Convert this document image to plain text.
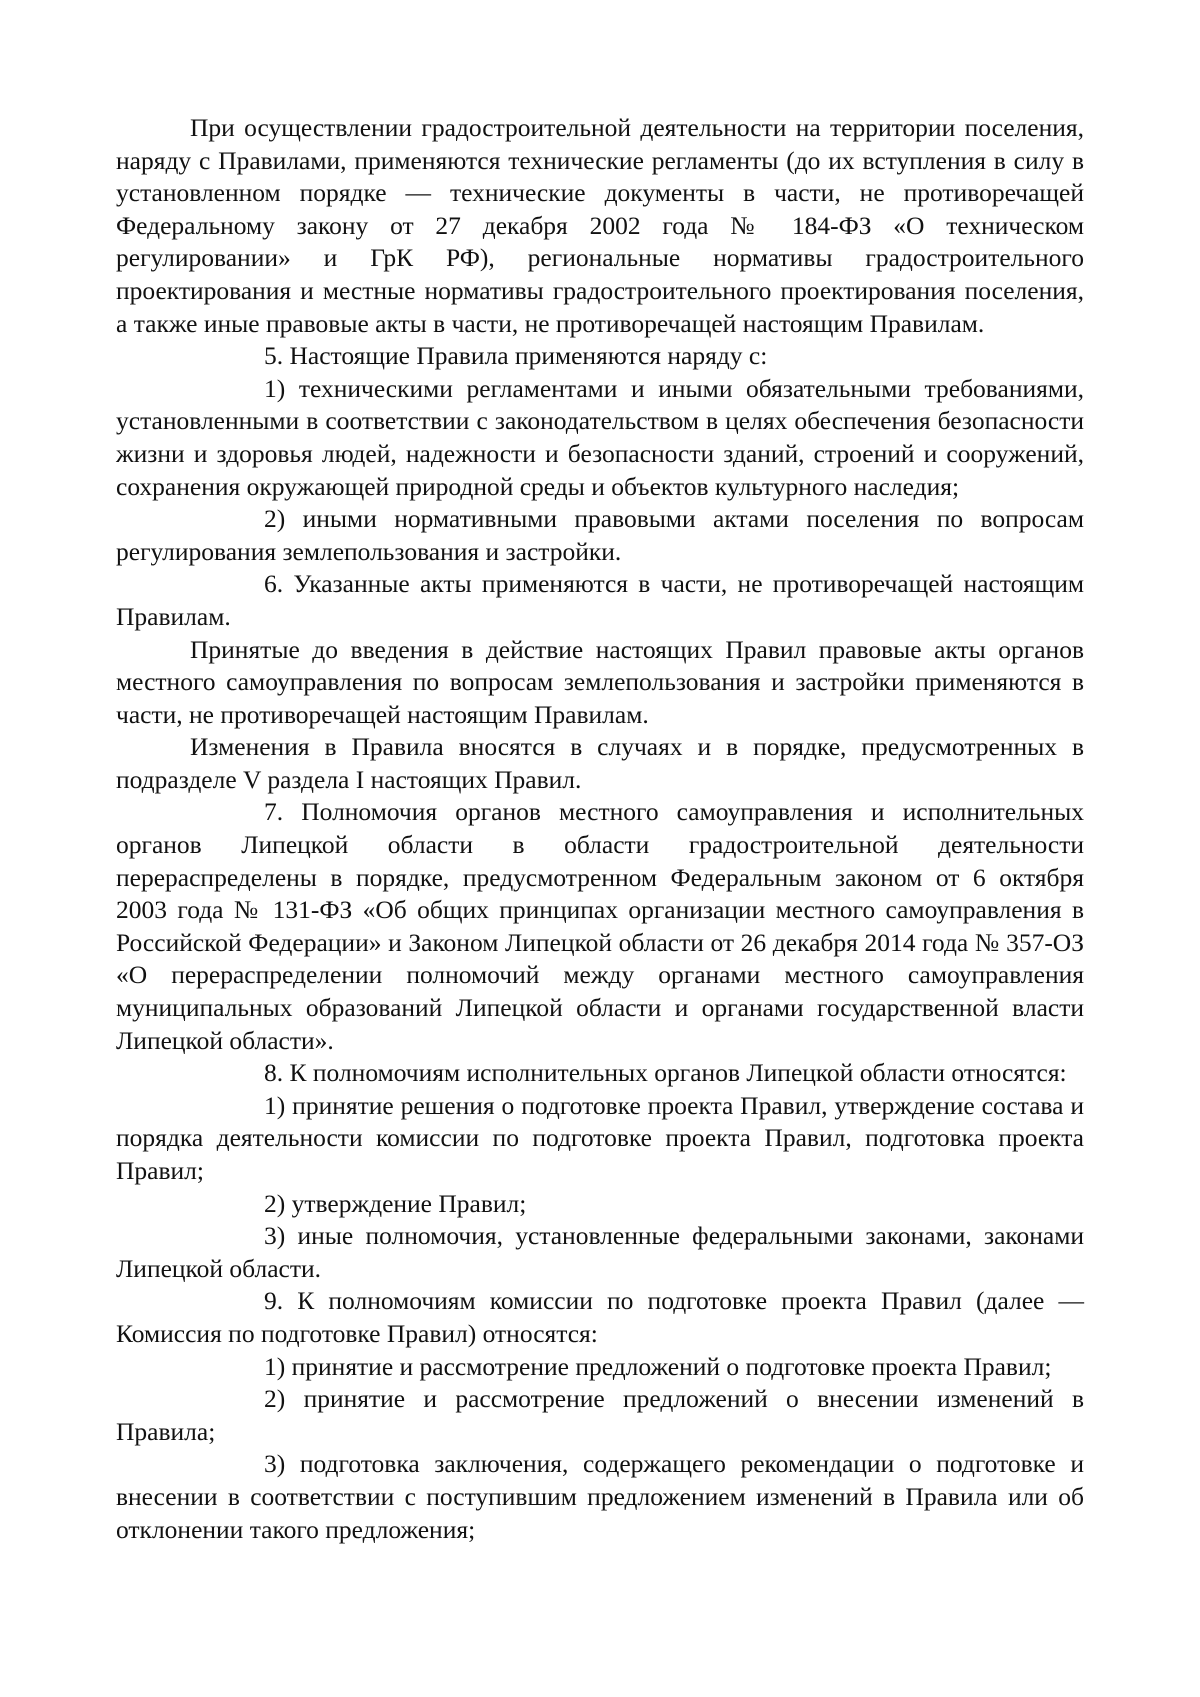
При осуществлении градостроительной деятельности на территории поселения, наряду с Правилами, применяются технические регламенты (до их вступления в силу в установленном порядке — технические документы в части, не противоречащей Федеральному закону от 27 декабря 2002 года № 184-ФЗ «О техническом регулировании» и ГрК РФ), региональные нормативы градостроительного проектирования и местные нормативы градостроительного проектирования поселения, а также иные правовые акты в части, не противоречащей настоящим Правилам.

5. Настоящие Правила применяются наряду с:

1) техническими регламентами и иными обязательными требованиями, установленными в соответствии с законодательством в целях обеспечения безопасности жизни и здоровья людей, надежности и безопасности зданий, строений и сооружений, сохранения окружающей природной среды и объектов культурного наследия;

2) иными нормативными правовыми актами поселения по вопросам регулирования землепользования и застройки.

6. Указанные акты применяются в части, не противоречащей настоящим Правилам.

Принятые до введения в действие настоящих Правил правовые акты органов местного самоуправления по вопросам землепользования и застройки применяются в части, не противоречащей настоящим Правилам.

Изменения в Правила вносятся в случаях и в порядке, предусмотренных в подразделе V раздела I настоящих Правил.

7. Полномочия органов местного самоуправления и исполнительных органов Липецкой области в области градостроительной деятельности перераспределены в порядке, предусмотренном Федеральным законом от 6 октября 2003 года № 131-ФЗ «Об общих принципах организации местного самоуправления в Российской Федерации» и Законом Липецкой области от 26 декабря 2014 года № 357-ОЗ «О перераспределении полномочий между органами местного самоуправления муниципальных образований Липецкой области и органами государственной власти Липецкой области».

8. К полномочиям исполнительных органов Липецкой области относятся:

1) принятие решения о подготовке проекта Правил, утверждение состава и порядка деятельности комиссии по подготовке проекта Правил, подготовка проекта Правил;

2) утверждение Правил;

3) иные полномочия, установленные федеральными законами, законами Липецкой области.

9. К полномочиям комиссии по подготовке проекта Правил (далее — Комиссия по подготовке Правил) относятся:

1) принятие и рассмотрение предложений о подготовке проекта Правил;

2) принятие и рассмотрение предложений о внесении изменений в Правила;

3) подготовка заключения, содержащего рекомендации о подготовке и внесении в соответствии с поступившим предложением изменений в Правила или об отклонении такого предложения;
